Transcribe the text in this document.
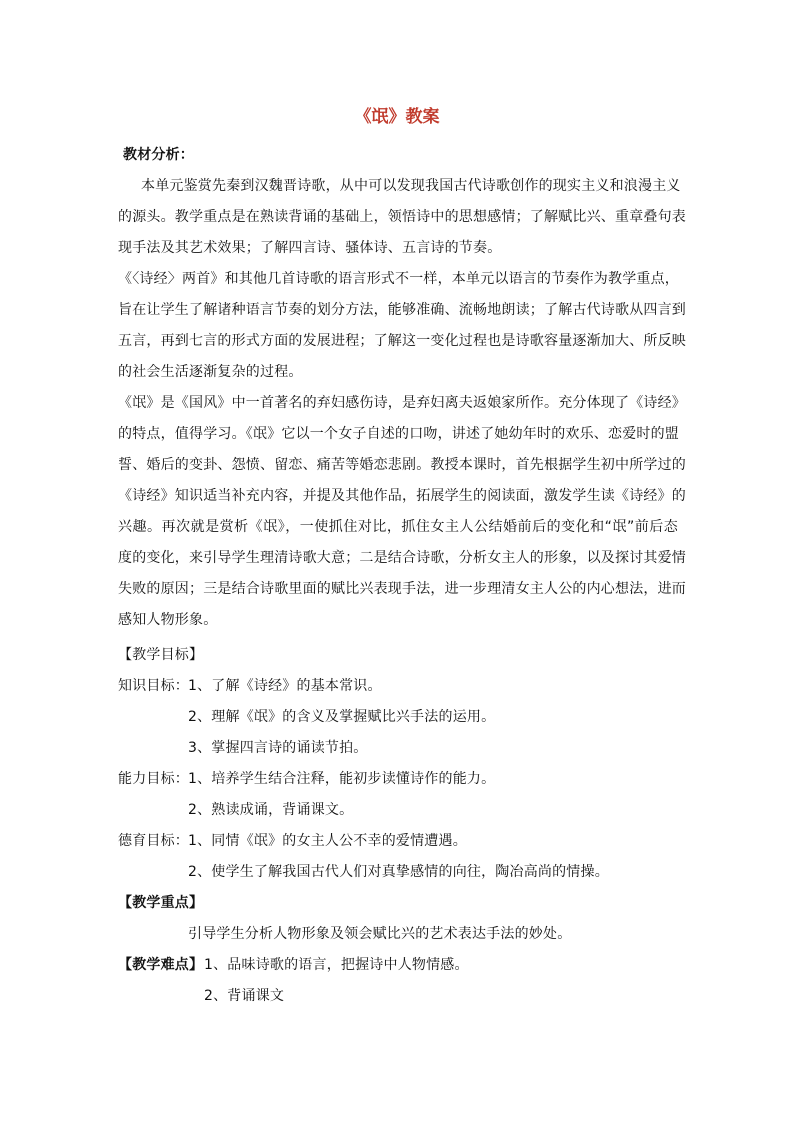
《氓》教案
教材分析：
本单元鉴赏先秦到汉魏晋诗歌，从中可以发现我国古代诗歌创作的现实主义和浪漫主义
的源头。教学重点是在熟读背诵的基础上，领悟诗中的思想感情；了解赋比兴、重章叠句表
现手法及其艺术效果；了解四言诗、骚体诗、五言诗的节奏。
《〈诗经〉两首》和其他几首诗歌的语言形式不一样，本单元以语言的节奏作为教学重点，
旨在让学生了解诸种语言节奏的划分方法，能够准确、流畅地朗读；了解古代诗歌从四言到
五言，再到七言的形式方面的发展进程；了解这一变化过程也是诗歌容量逐渐加大、所反映
的社会生活逐渐复杂的过程。
《氓》是《国风》中一首著名的弃妇感伤诗，是弃妇离夫返娘家所作。充分体现了《诗经》
的特点，值得学习。《氓》它以一个女子自述的口吻，讲述了她幼年时的欢乐、恋爱时的盟
誓、婚后的变卦、怨愤、留恋、痛苦等婚恋悲剧。教授本课时，首先根据学生初中所学过的
《诗经》知识适当补充内容，并提及其他作品，拓展学生的阅读面，激发学生读《诗经》的
兴趣。再次就是赏析《氓》，一使抓住对比，抓住女主人公结婚前后的变化和“氓”前后态
度的变化，来引导学生理清诗歌大意；二是结合诗歌，分析女主人的形象，以及探讨其爱情
失败的原因；三是结合诗歌里面的赋比兴表现手法，进一步理清女主人公的内心想法，进而
感知人物形象。
【教学目标】
知识目标： 1、了解《诗经》的基本常识。
2、理解《氓》的含义及掌握赋比兴手法的运用。
3、掌握四言诗的诵读节拍。
能力目标： 1、培养学生结合注释，能初步读懂诗作的能力。
2、熟读成诵，背诵课文。
德育目标： 1、同情《氓》的女主人公不幸的爱情遭遇。
2、使学生了解我国古代人们对真挚感情的向往，陶冶高尚的情操。
【教学重点】
引导学生分析人物形象及领会赋比兴的艺术表达手法的妙处。
【教学难点】 1、品味诗歌的语言，把握诗中人物情感。
2、背诵课文
